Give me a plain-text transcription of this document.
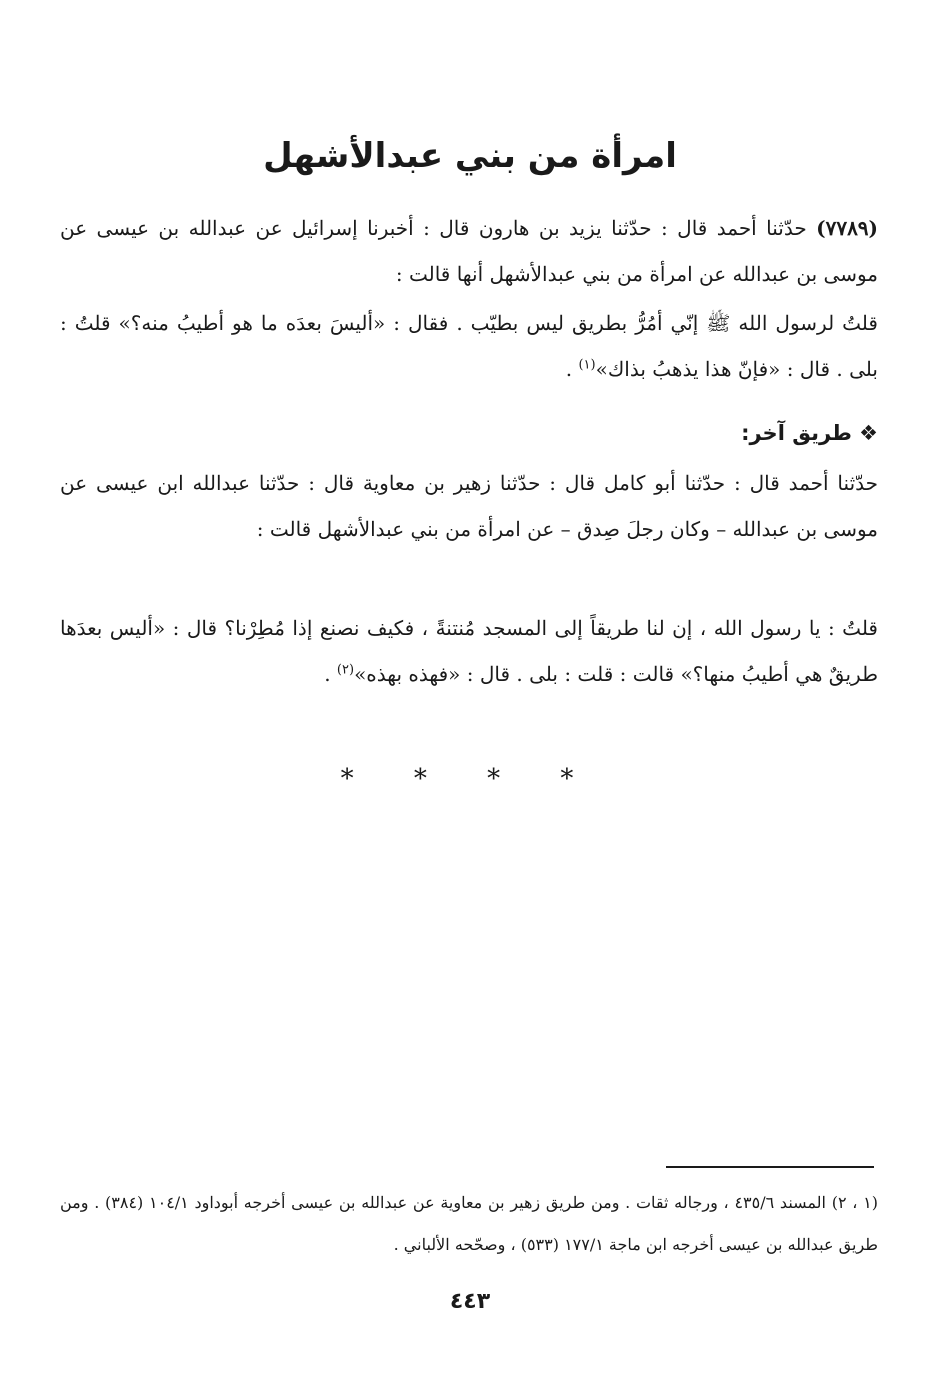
امرأة من بني عبدالأشهل

(٧٧٨٩) حدّثنا أحمد قال : حدّثنا يزيد بن هارون قال : أخبرنا إسرائيل عن عبدالله بن عيسى عن موسى بن عبدالله عن امرأة من بني عبدالأشهل أنها قالت :

قلتُ لرسول الله ﷺ إنّي أمُرُّ بطريق ليس بطيّب . فقال : «أليسَ بعدَه ما هو أطيبُ منه؟» قلتُ : بلى . قال : «فإنّ هذا يذهبُ بذاك»$^{(١)}$ .

❖ طريق آخر:

حدّثنا أحمد قال : حدّثنا أبو كامل قال : حدّثنا زهير بن معاوية قال : حدّثنا عبدالله ابن عيسى عن موسى بن عبدالله – وكان رجلَ صِدق – عن امرأة من بني عبدالأشهل قالت :

قلتُ : يا رسول الله ، إن لنا طريقاً إلى المسجد مُنتنةً ، فكيف نصنع إذا مُطِرْنا؟ قال : «أليس بعدَها طريقٌ هي أطيبُ منها؟» قالت : قلت : بلى . قال : «فهذه بهذه»$^{(٢)}$ .

* * * *

(١ ، ٢) المسند ٤٣٥/٦ ، ورجاله ثقات . ومن طريق زهير بن معاوية عن عبدالله بن عيسى أخرجه أبوداود ١٠٤/١ (٣٨٤) . ومن طريق عبدالله بن عيسى أخرجه ابن ماجة ١٧٧/١ (٥٣٣) ، وصحّحه الألباني .

٤٤٣
